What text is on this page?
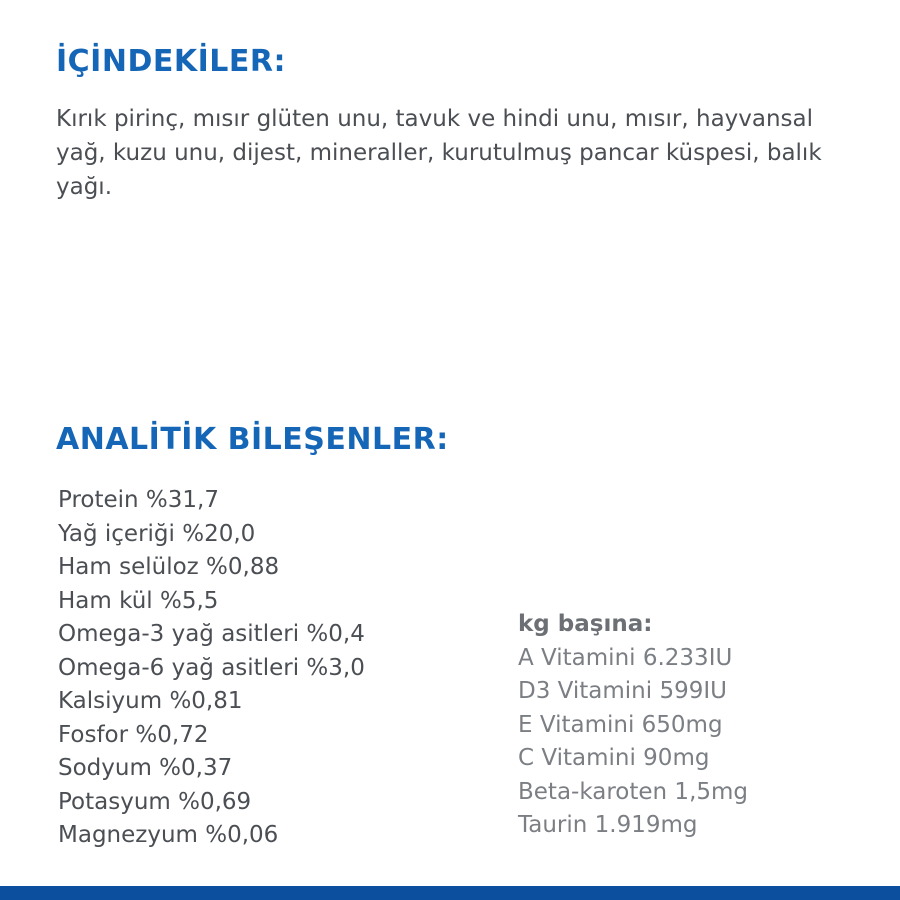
İÇİNDEKİLER:

Kırık pirinç, mısır glüten unu, tavuk ve hindi unu, mısır, hayvansal yağ, kuzu unu, dijest, mineraller, kurutulmuş pancar küspesi, balık yağı.

ANALİTİK BİLEŞENLER:
Protein %31,7
Yağ içeriği %20,0
Ham selüloz %0,88
Ham kül %5,5
Omega-3 yağ asitleri %0,4
Omega-6 yağ asitleri %3,0
Kalsiyum %0,81
Fosfor %0,72
Sodyum %0,37
Potasyum %0,69
Magnezyum %0,06
kg başına:
A Vitamini 6.233IU
D3 Vitamini 599IU
E Vitamini 650mg
C Vitamini 90mg
Beta-karoten 1,5mg
Taurin 1.919mg
